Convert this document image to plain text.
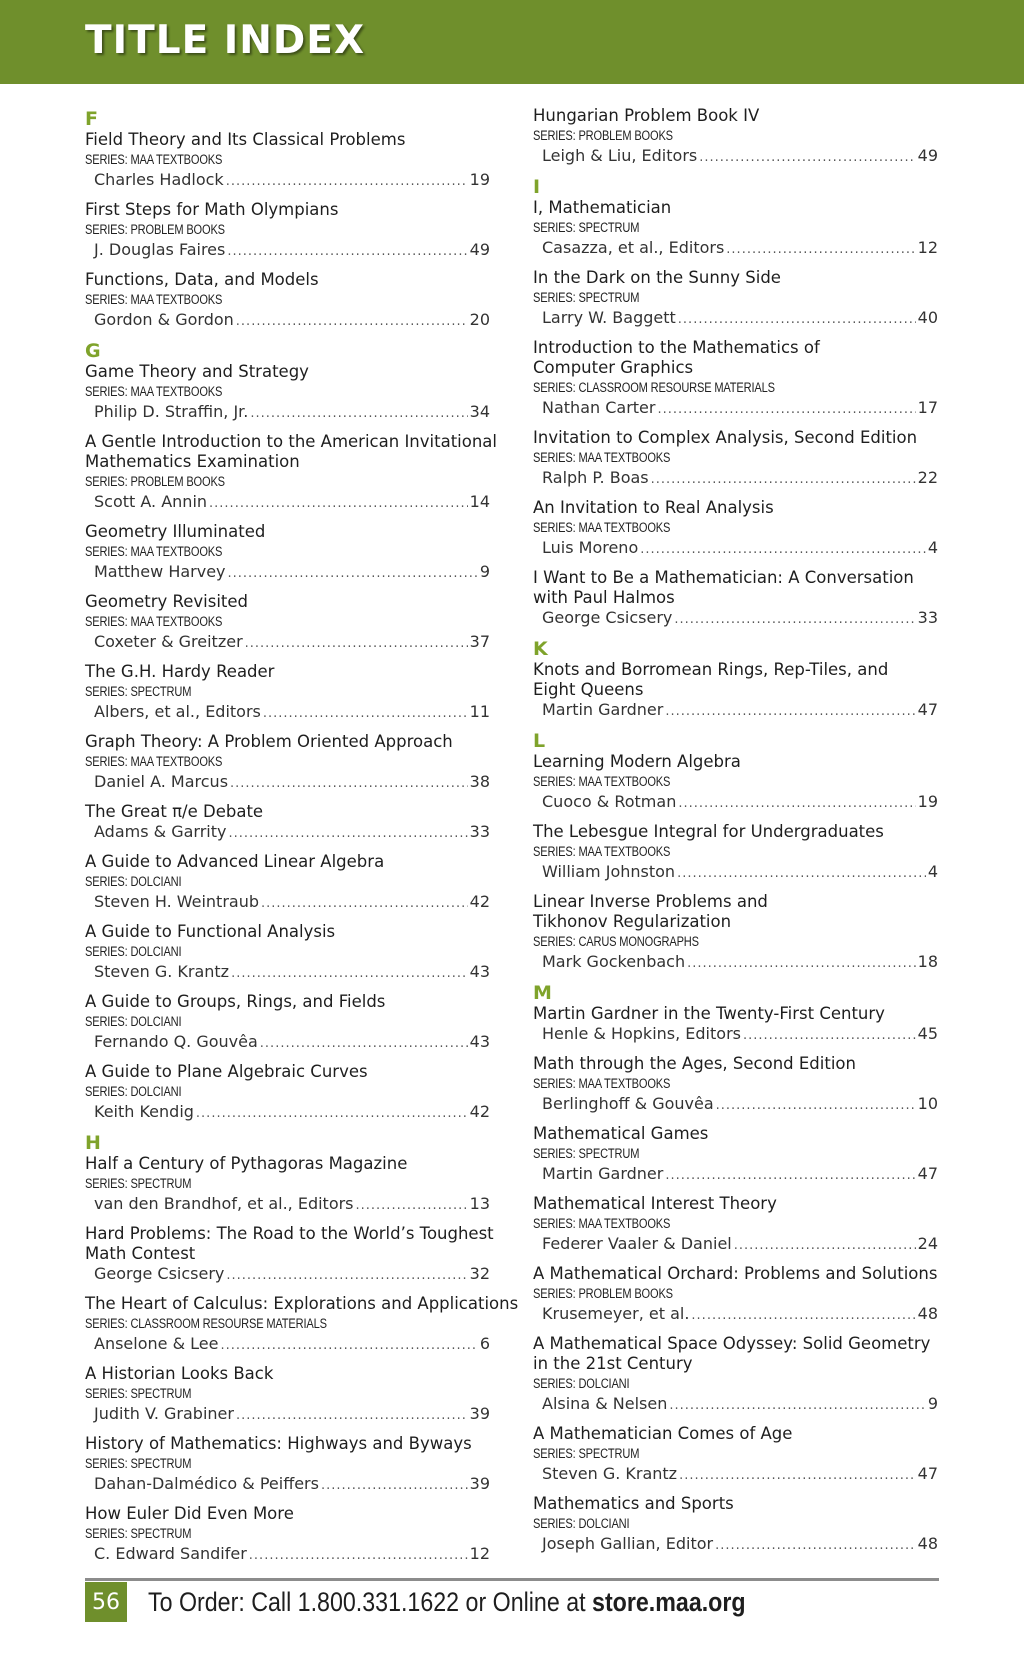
TITLE INDEX
F
Field Theory and Its Classical Problems
SERIES: MAA TEXTBOOKS
Charles Hadlock .....	19
First Steps for Math Olympians
SERIES: PROBLEM BOOKS
J. Douglas Faires .....	49
Functions, Data, and Models
SERIES: MAA TEXTBOOKS
Gordon & Gordon .....	20
G
Game Theory and Strategy
SERIES: MAA TEXTBOOKS
Philip D. Straffin, Jr. .....	34
A Gentle Introduction to the American Invitational
Mathematics Examination
SERIES: PROBLEM BOOKS
Scott A. Annin .....	14
Geometry Illuminated
SERIES: MAA TEXTBOOKS
Matthew Harvey .....	9
Geometry Revisited
SERIES: MAA TEXTBOOKS
Coxeter & Greitzer .....	37
The G.H. Hardy Reader
SERIES: SPECTRUM
Albers, et al., Editors .....	11
Graph Theory: A Problem Oriented Approach
SERIES: MAA TEXTBOOKS
Daniel A. Marcus .....	38
The Great π/e Debate
Adams & Garrity .....	33
A Guide to Advanced Linear Algebra
SERIES: DOLCIANI
Steven H. Weintraub .....	42
A Guide to Functional Analysis
SERIES: DOLCIANI
Steven G. Krantz .....	43
A Guide to Groups, Rings, and Fields
SERIES: DOLCIANI
Fernando Q. Gouvêa .....	43
A Guide to Plane Algebraic Curves
SERIES: DOLCIANI
Keith Kendig .....	42
H
Half a Century of Pythagoras Magazine
SERIES: SPECTRUM
van den Brandhof, et al., Editors .....	13
Hard Problems: The Road to the World’s Toughest
Math Contest
George Csicsery .....	32
The Heart of Calculus: Explorations and Applications
SERIES: CLASSROOM RESOURSE MATERIALS
Anselone & Lee .....	6
A Historian Looks Back
SERIES: SPECTRUM
Judith V. Grabiner .....	39
History of Mathematics: Highways and Byways
SERIES: SPECTRUM
Dahan-Dalmédico & Peiffers .....	39
How Euler Did Even More
SERIES: SPECTRUM
C. Edward Sandifer .....	12
Hungarian Problem Book IV
SERIES: PROBLEM BOOKS
Leigh & Liu, Editors .....	49
I
I, Mathematician
SERIES: SPECTRUM
Casazza, et al., Editors .....	12
In the Dark on the Sunny Side
SERIES: SPECTRUM
Larry W. Baggett .....	40
Introduction to the Mathematics of
Computer Graphics
SERIES: CLASSROOM RESOURSE MATERIALS
Nathan Carter .....	17
Invitation to Complex Analysis, Second Edition
SERIES: MAA TEXTBOOKS
Ralph P. Boas .....	22
An Invitation to Real Analysis
SERIES: MAA TEXTBOOKS
Luis Moreno .....	4
I Want to Be a Mathematician: A Conversation
with Paul Halmos
George Csicsery .....	33
K
Knots and Borromean Rings, Rep-Tiles, and
Eight Queens
Martin Gardner .....	47
L
Learning Modern Algebra
SERIES: MAA TEXTBOOKS
Cuoco & Rotman .....	19
The Lebesgue Integral for Undergraduates
SERIES: MAA TEXTBOOKS
William Johnston .....	4
Linear Inverse Problems and
Tikhonov Regularization
SERIES: CARUS MONOGRAPHS
Mark Gockenbach .....	18
M
Martin Gardner in the Twenty-First Century
Henle & Hopkins, Editors .....	45
Math through the Ages, Second Edition
SERIES: MAA TEXTBOOKS
Berlinghoff & Gouvêa .....	10
Mathematical Games
SERIES: SPECTRUM
Martin Gardner .....	47
Mathematical Interest Theory
SERIES: MAA TEXTBOOKS
Federer Vaaler & Daniel .....	24
A Mathematical Orchard: Problems and Solutions
SERIES: PROBLEM BOOKS
Krusemeyer, et al. .....	48
A Mathematical Space Odyssey: Solid Geometry
in the 21st Century
SERIES: DOLCIANI
Alsina & Nelsen .....	9
A Mathematician Comes of Age
SERIES: SPECTRUM
Steven G. Krantz .....	47
Mathematics and Sports
SERIES: DOLCIANI
Joseph Gallian, Editor .....	48
56 To Order: Call 1.800.331.1622 or Online at store.maa.org
